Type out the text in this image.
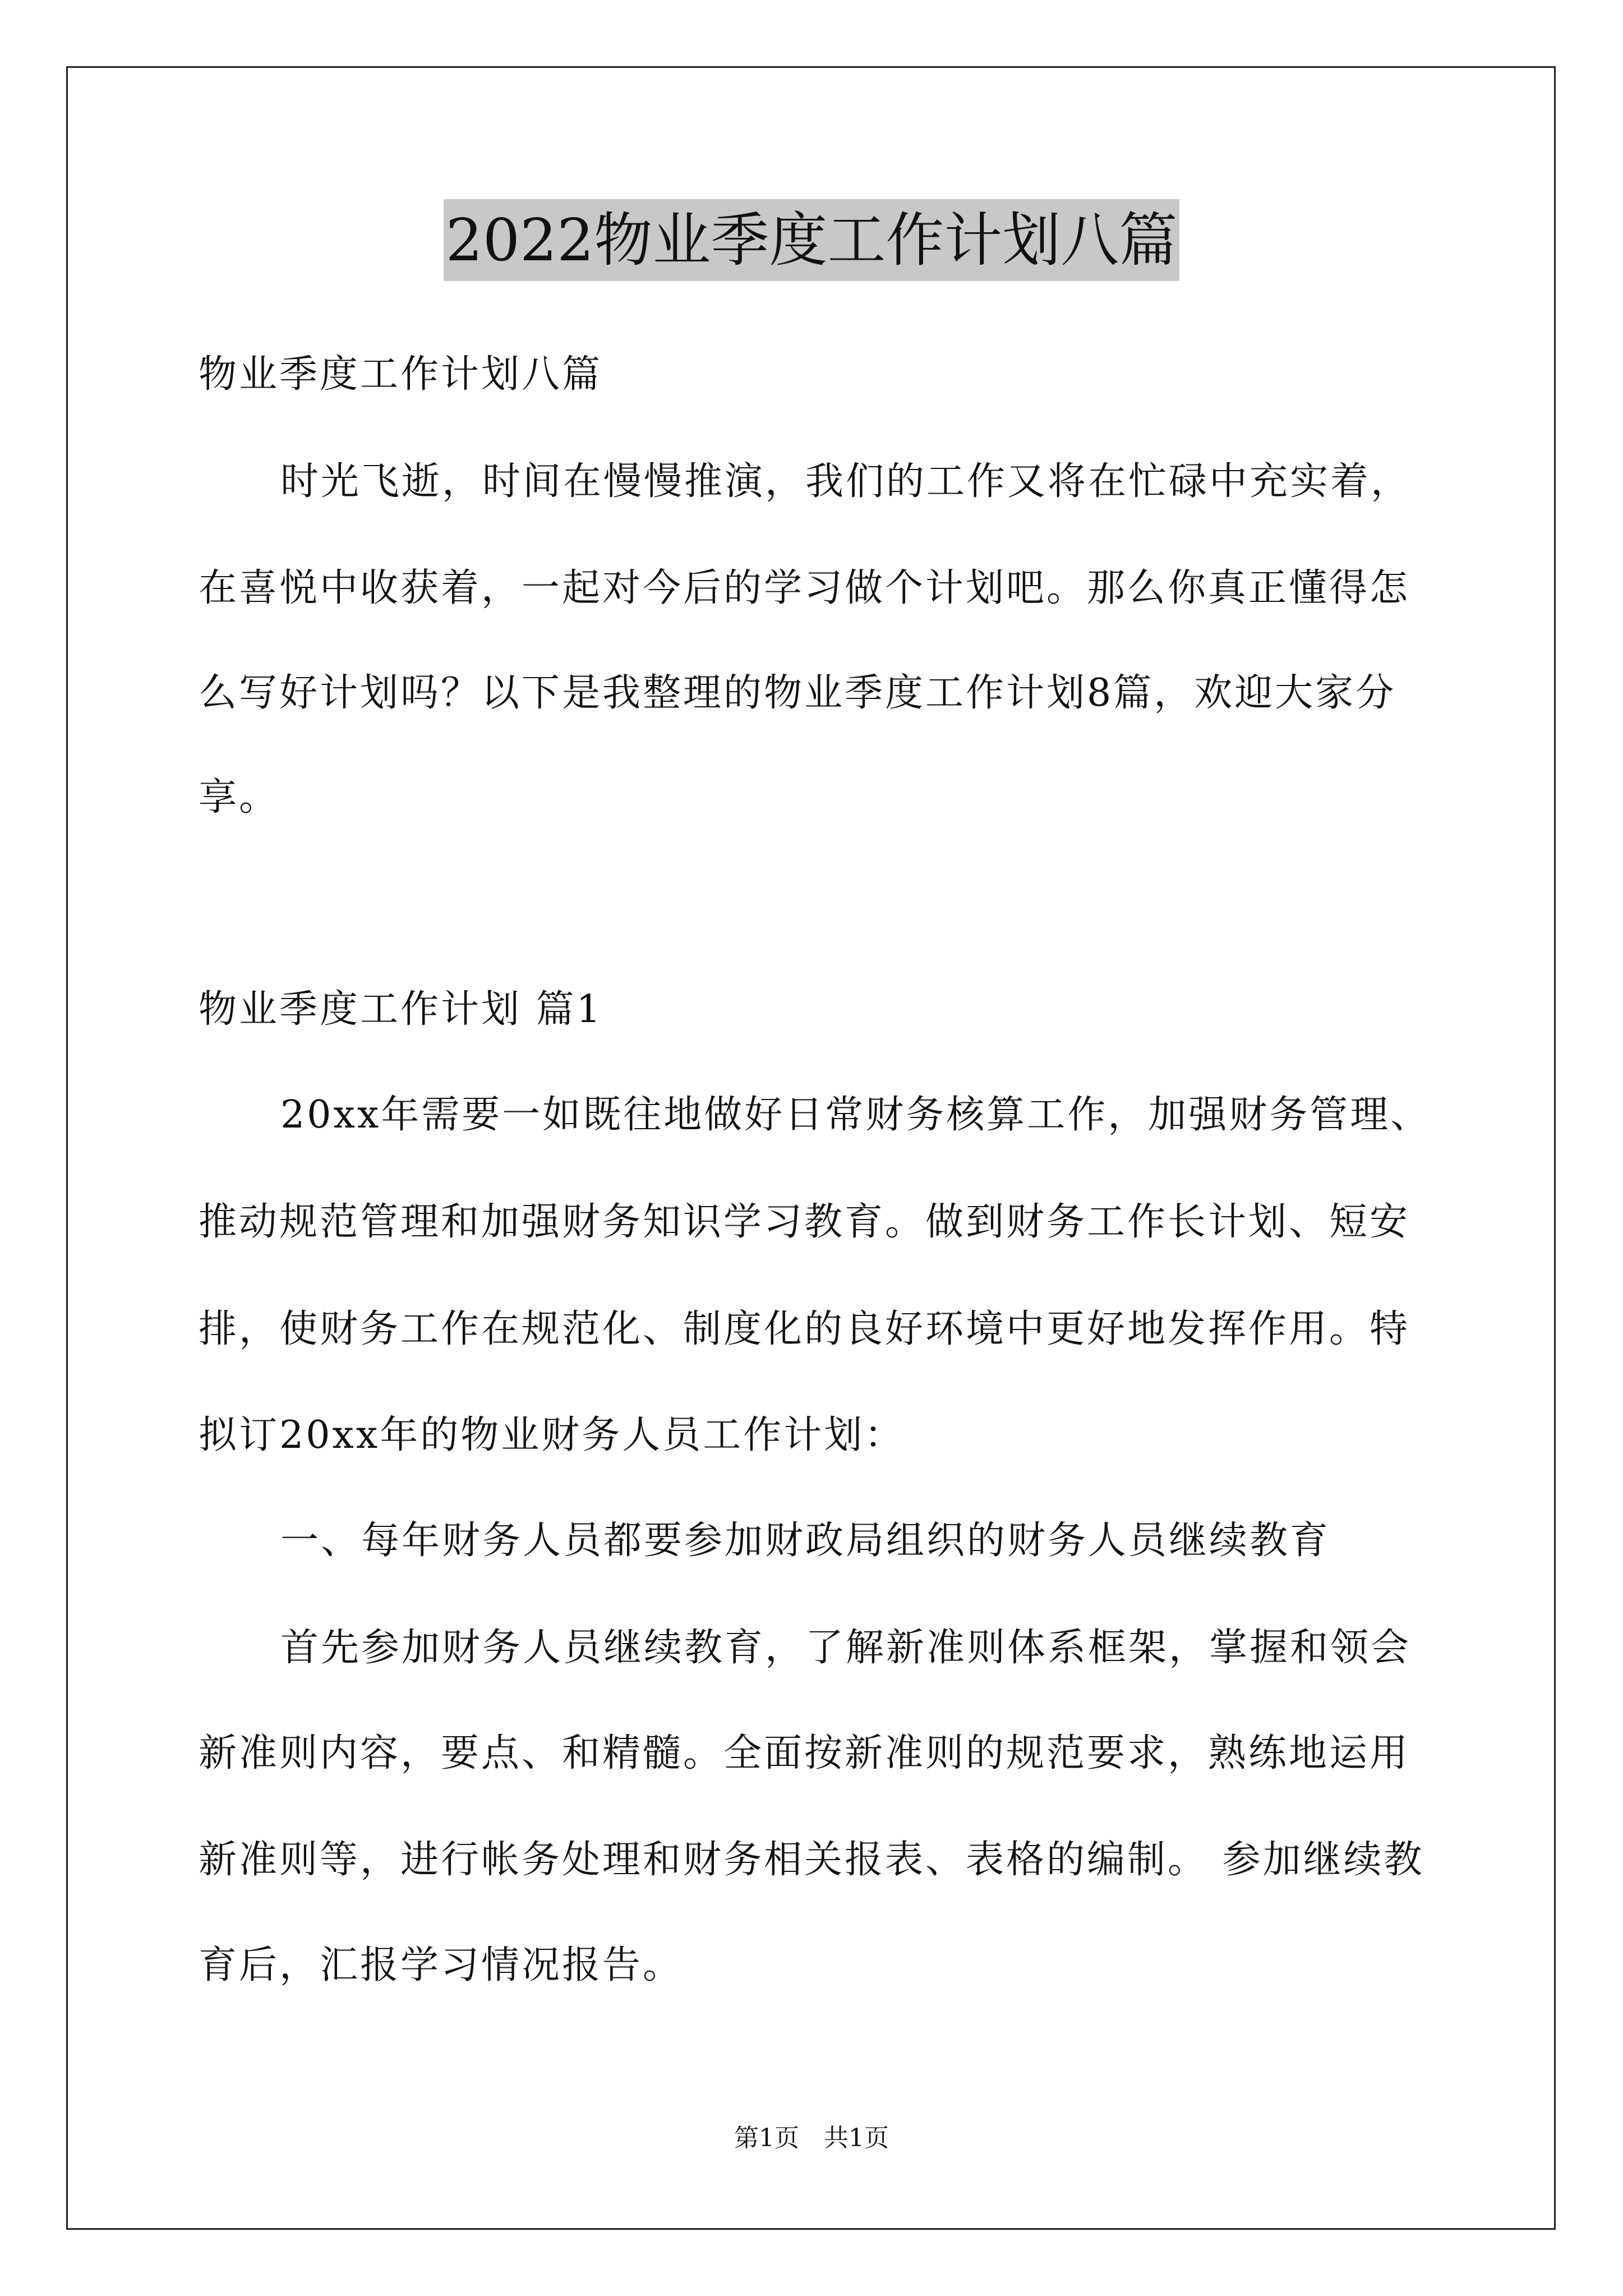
2022物业季度工作计划八篇
物业季度工作计划八篇
时光飞逝，时间在慢慢推演，我们的工作又将在忙碌中充实着，
在喜悦中收获着，一起对今后的学习做个计划吧。那么你真正懂得怎
么写好计划吗？以下是我整理的物业季度工作计划8篇，欢迎大家分
享。
物业季度工作计划 篇1
20xx年需要一如既往地做好日常财务核算工作，加强财务管理、
推动规范管理和加强财务知识学习教育。做到财务工作长计划、短安
排，使财务工作在规范化、制度化的良好环境中更好地发挥作用。特
拟订20xx年的物业财务人员工作计划：
一、每年财务人员都要参加财政局组织的财务人员继续教育
首先参加财务人员继续教育，了解新准则体系框架，掌握和领会
新准则内容，要点、和精髓。全面按新准则的规范要求，熟练地运用
新准则等，进行帐务处理和财务相关报表、表格的编制。 参加继续教
育后，汇报学习情况报告。
第1页　共1页
